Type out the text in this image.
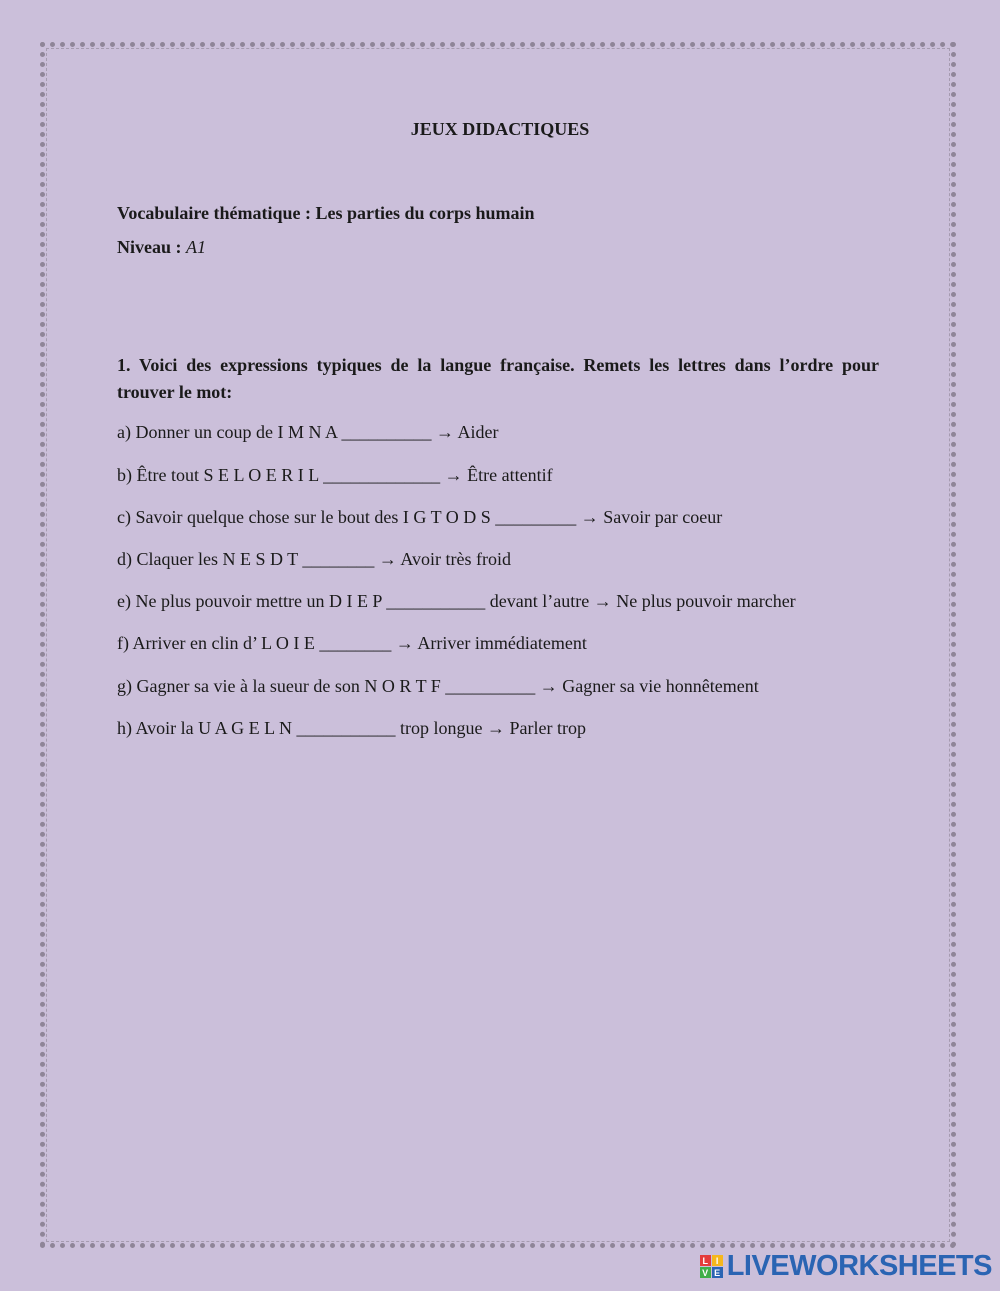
JEUX DIDACTIQUES

Vocabulaire thématique : Les parties du corps humain

Niveau : A1

1. Voici des expressions typiques de la langue française. Remets les lettres dans l’ordre pour trouver le mot:

a) Donner un coup de I M N A __________ → Aider

b) Être tout S E L O E R I L _____________ → Être attentif

c) Savoir quelque chose sur le bout des I G T O D S _________ → Savoir par coeur

d) Claquer les N E S D T ________ → Avoir très froid

e) Ne plus pouvoir mettre un D I E P ___________ devant l’autre → Ne plus pouvoir marcher

f) Arriver en clin d’ L O I E ________ → Arriver immédiatement

g) Gagner sa vie à la sueur de son N O R T F __________ → Gagner sa vie honnêtement

h) Avoir la U A G E L N ___________ trop longue → Parler trop

L I
V E LIVEWORKSHEETS
